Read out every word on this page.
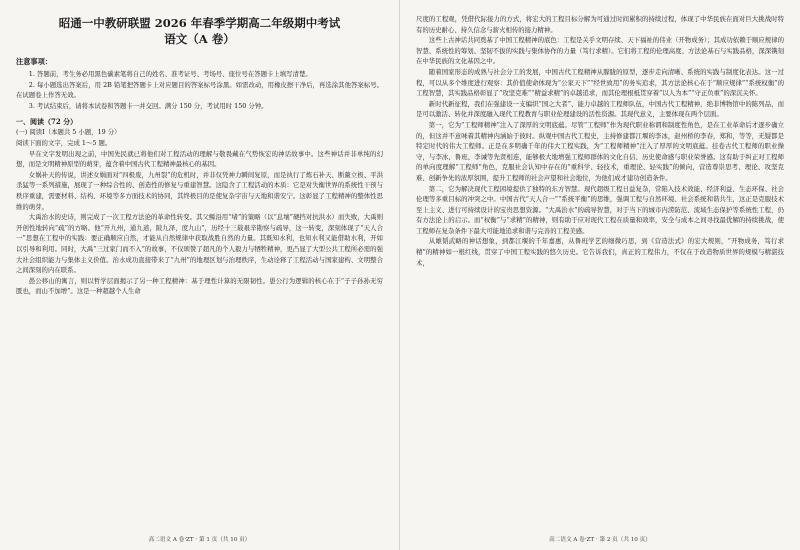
昭通一中教研联盟 2026 年春季学期高二年级期中考试
语文（A 卷）
注意事项：

1. 答题前，考生务必用黑色碳素笔将自己的姓名、准考证号、考场号、座位号在答题卡上填写清楚。

2. 每小题选出答案后，用 2B 铅笔把答题卡上对应题目的答案标号涂黑。如需改动，用橡皮擦干净后，再选涂其他答案标号。在试题卷上作答无效。

3. 考试结束后，请将本试卷和答题卡一并交回。满分 150 分，考试用时 150 分钟。

一、阅读（72 分）
(一) 阅读Ⅰ（本题共 5 小题，19 分）
阅读下面的文字，完成 1～5 题。

早在文字发明出现之前，中国先民就已将他们对工程活动的理解与敬畏藏在气势恢宏的神话故事中。这些神话并非单纯的幻想，而是文明精神原型的萌芽，蕴含着中国古代工程精神最核心的基因。

女娲补天的传说，讲述女娲面对“四极废，九州裂”的危机时，并非仅凭神力瞬间复原，而是执行了炼石补天、断鳌立极、平洪杀猛等一系列措施，展现了一种综合性的、创造性的修复与重建智慧。这隐含了工程活动的本质：它是对失衡世界的系统性干预与秩序重建，需要材料、结构、环境等多方面技术的协同，其终极目的是使复杂宇宙与天地和谐安宁。这彰显了工程精神的整体性思维的萌芽。

大禹治水的史诗，则完成了一次工程方法论的革命性转变。其父鲧沿用“堵”的策略（以“息壤”硬挡对抗洪水）而失败，大禹则开创性地转向“疏”的方略。他“开九州，通九道，陂九泽，度九山”，历经十三载艰辛勘察与疏导，这一转变，深刻体现了“天人合一”思想在工程中的实践：要正确顺应自然，才能从自然规律中获取战胜自然的力量。其既知水利，也知水利又能借助水利，开如以引导和利用。同时，大禹“三过家门而不入”的故事，不仅颂赞了超凡的个人毅力与牺牲精神，更凸显了大型公共工程所必需的强大社会组织能力与集体主义价值。治水成功直接带来了“九州”的地理区划与治理秩序，生动诠释了工程活动与国家建构、文明整合之间深刻的内在联系。

愚公移山的寓言，则以哲学层面揭示了另一种工程精神：基于理性计算的无限韧性。愚公行为逻辑的核心在于“子子孙孙无穷匮也，而山不加增”。这是一种超越个人生命

高二语文 A 卷·ZT · 第 1 页（共 10 页）

尺度的工程观，凭借代际接力的方式，将宏大的工程目标分解为可通过时间累积的持续过程，体现了中华民族在面对巨大挑战时特有的历史耐心、持久信念与薪火相传的接力精神。

这些上古神话共同奠基了中国工程精神的底色：工程是关乎文明存续、天下福祉的伟业（开物成务）；其成功依赖于顺应规律的智慧、系统性的筹划、坚韧不拔的实践与集体协作的力量（笃行求精）。它们将工程的伦理高度、方法论基石与实践品格，深深镌刻在中华民族的文化基因之中。

随着国家形态的成熟与社会分工的发展，中国古代工程精神从朦胧的原型，逐步走向清晰、系统的实践与制度化表达。这一过程，可以从多个维度进行观察：其价值使命体现为“公家天下”“经世致用”的务实追求，其方法论核心在于“顺应规律”“系统权衡”的工程智慧，其实践品格彰显了“攻坚克难”“精益求精”的卓越追求，而其伦理根柢贯穿着“以人为本”“守正负重”的深沉关怀。

新时代新征程，我们在强建设一支编织“国之大者”、能力卓越的工程师队伍，中国古代工程精神，绝非博物馆中的陈列品，而是可以激活、转化并深度融入现代工程教育与职业伦理建设的活性资源。其现代意义，主要体现在两个层面。

第一，它为“工程师精神”注入了深厚的文明底蕴。尽管“工程师”作为现代职业称谓和制度性角色，是在工业革命后才逐步确立的，但这并不意味着其精神内涵始于彼时。纵观中国古代工程史，主持修建都江堰的李冰，赵州桥的李春，郑和，等等，无疑都是特定时代的伟大工程师。正是在多明确千年的伟大工程实践，为“工程师精神”注入了厚厚的文明底蕴。挂卷古代工程师的职业操守，与李冰、鲁班、李诫等先贤相连，能够极大地增强工程师群体的文化自信、历史使命感与职业荣誉感。这有助于纠正对工程师的单向度理解“工程师”角色，克服社会认知中存在的“重科学、轻技术，重理论、轻实践”的倾向，营造尊崇思考、理论、攻坚克难、创新争先的浓厚氛围，提升工程师的社会声望和社会地位，为他们成才建功创造条件。

第二，它为解决现代工程困境提供了独特的东方智慧。现代超级工程日益复杂，常陷入技术效能、经济利益、生态环保、社会伦理等多重目标的冲突之中。中国古代“天人合一”“系统平衡”的思维，强调工程与自然环境、社会系统和谐共生，这正是克服技术至上主义、进行可持续设计的宝贵思想资源。“大禹治水”的疏导智慧，对于当下的城市内涝防范、流域生态保护等系统性工程，仍有方法论上的启示。而“权衡”与“求精”的精神，则有助于应对现代工程在质量和效率，安全与成本之间寻找最优解的持续挑战，使工程师在复杂条件下最大可能地追求和谐与完善的工程美感。

从雄韬武略的神话想象，到都江堰的千年嘉惠，从鲁班学艺的细微巧思，到《营造法式》的宏大规则，“开物成务，笃行求精”的精神如一根红线，贯穿了中国工程实践的悠久历史。它告诉我们，真正的工程伟力，不仅在于改造物质世界的规模与精湛技术，

高二语文 A 卷·ZT · 第 2 页（共 10 页）
